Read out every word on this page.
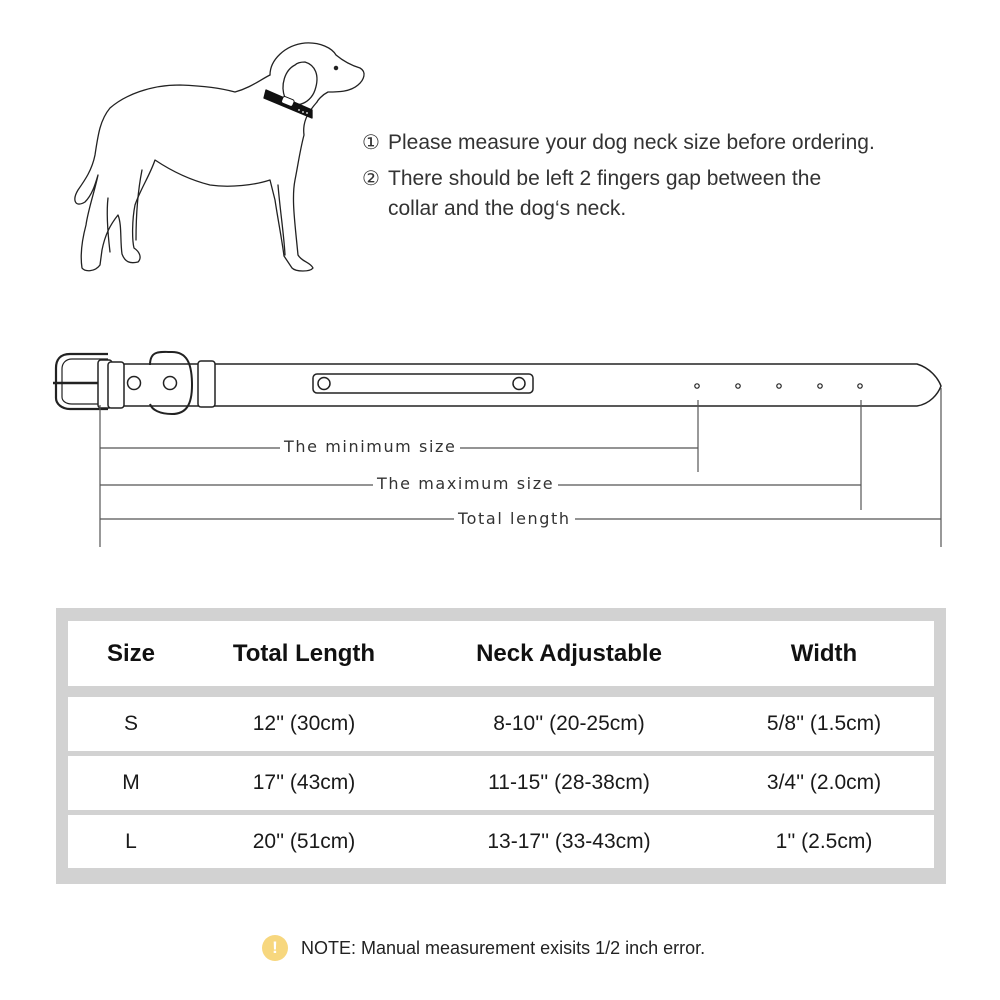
① Please measure your dog neck size before ordering.
② There should be left 2 fingers gap between the
collar and the dog‘s neck.
The minimum size
The maximum size
Total length
Size	Total Length	Neck Adjustable	Width
S	12'' (30cm)	8-10'' (20-25cm)	5/8'' (1.5cm)
M	17'' (43cm)	11-15'' (28-38cm)	3/4'' (2.0cm)
L	20'' (51cm)	13-17'' (33-43cm)	1'' (2.5cm)
!	NOTE: Manual measurement exisits 1/2 inch error.
